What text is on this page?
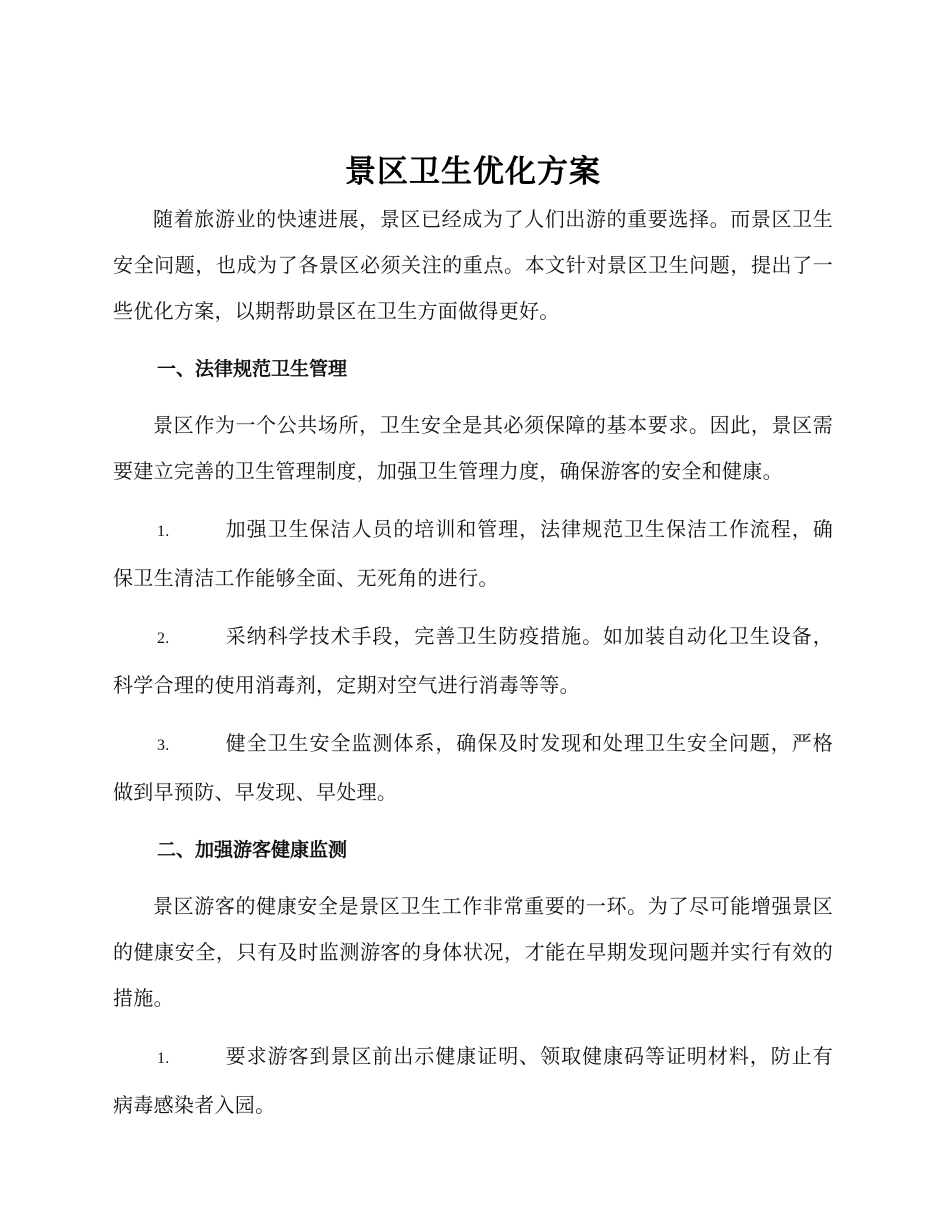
景区卫生优化方案

随着旅游业的快速进展，景区已经成为了人们出游的重要选择。而景区卫生安全问题，也成为了各景区必须关注的重点。本文针对景区卫生问题，提出了一些优化方案，以期帮助景区在卫生方面做得更好。

一、法律规范卫生管理

景区作为一个公共场所，卫生安全是其必须保障的基本要求。因此，景区需要建立完善的卫生管理制度，加强卫生管理力度，确保游客的安全和健康。

1.	加强卫生保洁人员的培训和管理，法律规范卫生保洁工作流程，确保卫生清洁工作能够全面、无死角的进行。

2.	采纳科学技术手段，完善卫生防疫措施。如加装自动化卫生设备，科学合理的使用消毒剂，定期对空气进行消毒等等。

3.	健全卫生安全监测体系，确保及时发现和处理卫生安全问题，严格做到早预防、早发现、早处理。

二、加强游客健康监测

景区游客的健康安全是景区卫生工作非常重要的一环。为了尽可能增强景区的健康安全，只有及时监测游客的身体状况，才能在早期发现问题并实行有效的措施。

1.	要求游客到景区前出示健康证明、领取健康码等证明材料，防止有病毒感染者入园。
